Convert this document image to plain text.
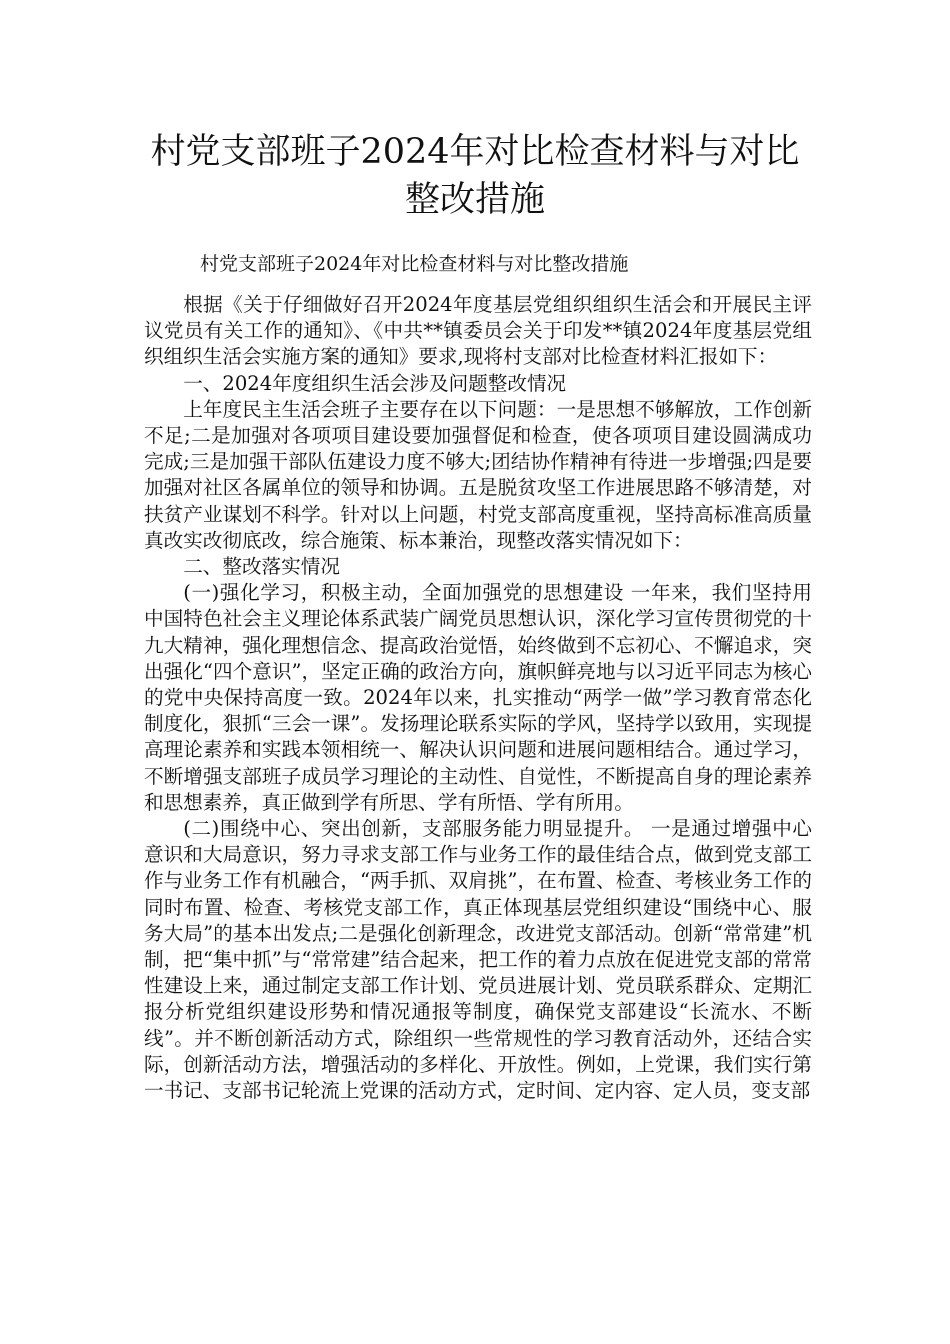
村党支部班子2024年对比检查材料与对比整改措施

村党支部班子2024年对比检查材料与对比整改措施

根据《关于仔细做好召开2024年度基层党组织组织生活会和开展民主评议党员有关工作的通知》、《中共**镇委员会关于印发**镇2024年度基层党组织组织生活会实施方案的通知》要求,现将村支部对比检查材料汇报如下：

一、2024年度组织生活会涉及问题整改情况

上年度民主生活会班子主要存在以下问题：一是思想不够解放，工作创新不足;二是加强对各项项目建设要加强督促和检查，使各项项目建设圆满成功完成;三是加强干部队伍建设力度不够大;团结协作精神有待进一步增强;四是要加强对社区各属单位的领导和协调。五是脱贫攻坚工作进展思路不够清楚，对扶贫产业谋划不科学。针对以上问题，村党支部高度重视，坚持高标准高质量真改实改彻底改，综合施策、标本兼治，现整改落实情况如下：

二、整改落实情况

(一)强化学习，积极主动，全面加强党的思想建设 一年来，我们坚持用中国特色社会主义理论体系武装广阔党员思想认识，深化学习宣传贯彻党的十九大精神，强化理想信念、提高政治觉悟，始终做到不忘初心、不懈追求，突出强化“四个意识”，坚定正确的政治方向，旗帜鲜亮地与以习近平同志为核心的党中央保持高度一致。2024年以来，扎实推动“两学一做”学习教育常态化制度化，狠抓“三会一课”。发扬理论联系实际的学风，坚持学以致用，实现提高理论素养和实践本领相统一、解决认识问题和进展问题相结合。通过学习，不断增强支部班子成员学习理论的主动性、自觉性，不断提高自身的理论素养和思想素养，真正做到学有所思、学有所悟、学有所用。

(二)围绕中心、突出创新，支部服务能力明显提升。 一是通过增强中心意识和大局意识，努力寻求支部工作与业务工作的最佳结合点，做到党支部工作与业务工作有机融合，“两手抓、双肩挑”，在布置、检查、考核业务工作的同时布置、检查、考核党支部工作，真正体现基层党组织建设“围绕中心、服务大局”的基本出发点;二是强化创新理念，改进党支部活动。创新“常常建”机制，把“集中抓”与“常常建”结合起来，把工作的着力点放在促进党支部的常常性建设上来，通过制定支部工作计划、党员进展计划、党员联系群众、定期汇报分析党组织建设形势和情况通报等制度，确保党支部建设“长流水、不断线”。并不断创新活动方式，除组织一些常规性的学习教育活动外，还结合实际，创新活动方法，增强活动的多样化、开放性。例如，上党课，我们实行第一书记、支部书记轮流上党课的活动方式，定时间、定内容、定人员，变支部
